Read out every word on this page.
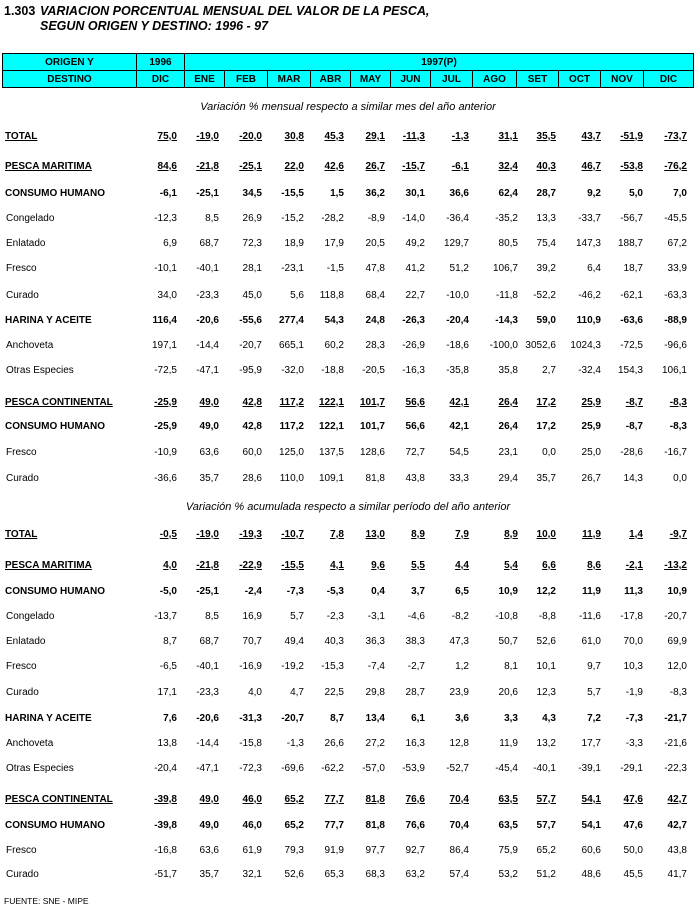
1.303 VARIACION PORCENTUAL MENSUAL DEL VALOR DE LA PESCA,
SEGUN ORIGEN Y DESTINO: 1996 - 97
ORIGEN Y	1996	1997(P)											
DESTINO	DIC	ENE	FEB	MAR	ABR	MAY	JUN	JUL	AGO	SET	OCT	NOV	DIC
Variación % mensual respecto a similar mes del año anterior
Variación % acumulada respecto a similar período del año anterior
TOTAL	75,0	-19,0	-20,0	30,8	45,3	29,1	-11,3	-1,3	31,1	35,5	43,7	-51,9	-73,7
PESCA MARITIMA	84,6	-21,8	-25,1	22,0	42,6	26,7	-15,7	-6,1	32,4	40,3	46,7	-53,8	-76,2
CONSUMO HUMANO	-6,1	-25,1	34,5	-15,5	1,5	36,2	30,1	36,6	62,4	28,7	9,2	5,0	7,0
Congelado	-12,3	8,5	26,9	-15,2	-28,2	-8,9	-14,0	-36,4	-35,2	13,3	-33,7	-56,7	-45,5
Enlatado	6,9	68,7	72,3	18,9	17,9	20,5	49,2	129,7	80,5	75,4	147,3	188,7	67,2
Fresco	-10,1	-40,1	28,1	-23,1	-1,5	47,8	41,2	51,2	106,7	39,2	6,4	18,7	33,9
Curado	34,0	-23,3	45,0	5,6	118,8	68,4	22,7	-10,0	-11,8	-52,2	-46,2	-62,1	-63,3
HARINA Y ACEITE	116,4	-20,6	-55,6	277,4	54,3	24,8	-26,3	-20,4	-14,3	59,0	110,9	-63,6	-88,9
Anchoveta	197,1	-14,4	-20,7	665,1	60,2	28,3	-26,9	-18,6	-100,0 3052,6	1024,3	-72,5	-96,6
Otras Especies	-72,5	-47,1	-95,9	-32,0	-18,8	-20,5	-16,3	-35,8	35,8	2,7	-32,4	154,3	106,1
PESCA CONTINENTAL	-25,9	49,0	42,8	117,2	122,1	101,7	56,6	42,1	26,4	17,2	25,9	-8,7	-8,3
CONSUMO HUMANO	-25,9	49,0	42,8	117,2	122,1	101,7	56,6	42,1	26,4	17,2	25,9	-8,7	-8,3
Fresco	-10,9	63,6	60,0	125,0	137,5	128,6	72,7	54,5	23,1	0,0	25,0	-28,6	-16,7
Curado	-36,6	35,7	28,6	110,0	109,1	81,8	43,8	33,3	29,4	35,7	26,7	14,3	0,0
TOTAL	-0,5	-19,0	-19,3	-10,7	7,8	13,0	8,9	7,9	8,9	10,0	11,9	1,4	-9,7
PESCA MARITIMA	4,0	-21,8	-22,9	-15,5	4,1	9,6	5,5	4,4	5,4	6,6	8,6	-2,1	-13,2
CONSUMO HUMANO	-5,0	-25,1	-2,4	-7,3	-5,3	0,4	3,7	6,5	10,9	12,2	11,9	11,3	10,9
Congelado	-13,7	8,5	16,9	5,7	-2,3	-3,1	-4,6	-8,2	-10,8	-8,8	-11,6	-17,8	-20,7
Enlatado	8,7	68,7	70,7	49,4	40,3	36,3	38,3	47,3	50,7	52,6	61,0	70,0	69,9
Fresco	-6,5	-40,1	-16,9	-19,2	-15,3	-7,4	-2,7	1,2	8,1	10,1	9,7	10,3	12,0
Curado	17,1	-23,3	4,0	4,7	22,5	29,8	28,7	23,9	20,6	12,3	5,7	-1,9	-8,3
HARINA Y ACEITE	7,6	-20,6	-31,3	-20,7	8,7	13,4	6,1	3,6	3,3	4,3	7,2	-7,3	-21,7
Anchoveta	13,8	-14,4	-15,8	-1,3	26,6	27,2	16,3	12,8	11,9	13,2	17,7	-3,3	-21,6
Otras Especies	-20,4	-47,1	-72,3	-69,6	-62,2	-57,0	-53,9	-52,7	-45,4	-40,1	-39,1	-29,1	-22,3
PESCA CONTINENTAL	-39,8	49,0	46,0	65,2	77,7	81,8	76,6	70,4	63,5	57,7	54,1	47,6	42,7
CONSUMO HUMANO	-39,8	49,0	46,0	65,2	77,7	81,8	76,6	70,4	63,5	57,7	54,1	47,6	42,7
Fresco	-16,8	63,6	61,9	79,3	91,9	97,7	92,7	86,4	75,9	65,2	60,6	50,0	43,8
Curado	-51,7	35,7	32,1	52,6	65,3	68,3	63,2	57,4	53,2	51,2	48,6	45,5	41,7
FUENTE: SNE - MIPE
